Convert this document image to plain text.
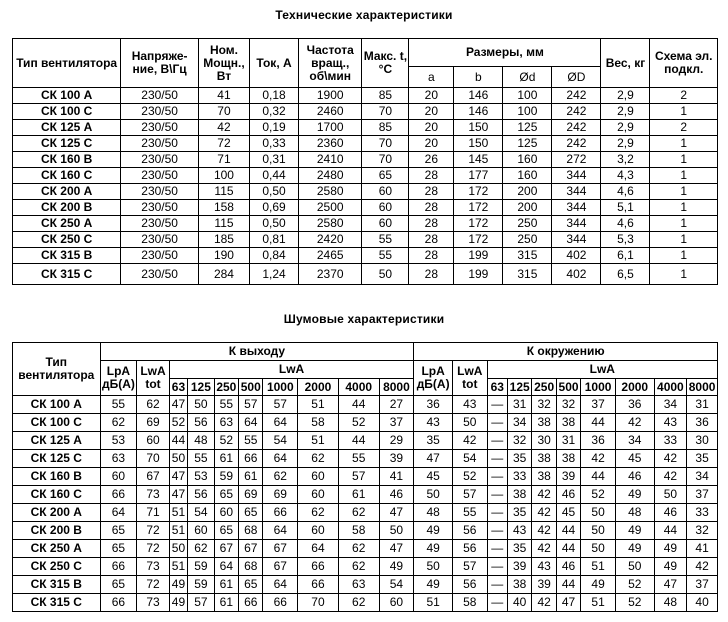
Технические характеристики
Тип вентилятора	Напряже-ние, В\Гц	Ном. Мощн., Вт	Ток, А	Частота вращ., об\мин	Макс. t, °С	Размеры, мм				Вес, кг	Схема эл. подкл.
						a	b	Ød	ØD		
СК 100 А	230/50	41	0,18	1900	85	20	146	100	242	2,9	2
СК 100 С	230/50	70	0,32	2460	70	20	146	100	242	2,9	1
СК 125 А	230/50	42	0,19	1700	85	20	150	125	242	2,9	2
СК 125 С	230/50	72	0,33	2360	70	20	150	125	242	2,9	1
СК 160 В	230/50	71	0,31	2410	70	26	145	160	272	3,2	1
СК 160 С	230/50	100	0,44	2480	65	28	177	160	344	4,3	1
СК 200 А	230/50	115	0,50	2580	60	28	172	200	344	4,6	1
СК 200 В	230/50	158	0,69	2500	60	28	172	200	344	5,1	1
СК 250 А	230/50	115	0,50	2580	60	28	172	250	344	4,6	1
СК 250 С	230/50	185	0,81	2420	55	28	172	250	344	5,3	1
СК 315 В	230/50	190	0,84	2465	55	28	199	315	402	6,1	1
СК 315 С	230/50	284	1,24	2370	50	28	199	315	402	6,5	1
Шумовые характеристики
Тип вентилятора	К выходу										К окружению									
	LpA дБ(А)	LwA tot	LwA								LpA дБ(А)	LwA tot	LwA							
			63	125	250	500	1000	2000	4000	8000			63	125	250	500	1000	2000	4000	8000
СК 100 А	55	62	47	50	55	57	57	51	44	27	36	43	—	31	32	32	37	36	34	31
СК 100 С	62	69	52	56	63	64	64	58	52	37	43	50	—	34	38	38	44	42	43	36
СК 125 А	53	60	44	48	52	55	54	51	44	29	35	42	—	32	30	31	36	34	33	30
СК 125 С	63	70	50	55	61	66	64	62	55	39	47	54	—	35	38	38	42	45	42	35
СК 160 В	60	67	47	53	59	61	62	60	57	41	45	52	—	33	38	39	44	46	42	34
СК 160 С	66	73	47	56	65	69	69	60	61	46	50	57	—	38	42	46	52	49	50	37
СК 200 А	64	71	51	54	60	65	66	62	62	47	48	55	—	35	42	45	50	48	46	33
СК 200 В	65	72	51	60	65	68	64	60	58	50	49	56	—	43	42	44	50	49	44	32
СК 250 А	65	72	50	62	67	67	67	64	62	47	49	56	—	35	42	44	50	49	49	41
СК 250 С	66	73	51	59	64	68	67	66	62	49	50	57	—	39	43	46	51	50	49	42
СК 315 В	65	72	49	59	61	65	64	66	63	54	49	56	—	38	39	44	49	52	47	37
СК 315 С	66	73	49	57	61	66	66	70	62	60	51	58	—	40	42	47	51	52	48	40
